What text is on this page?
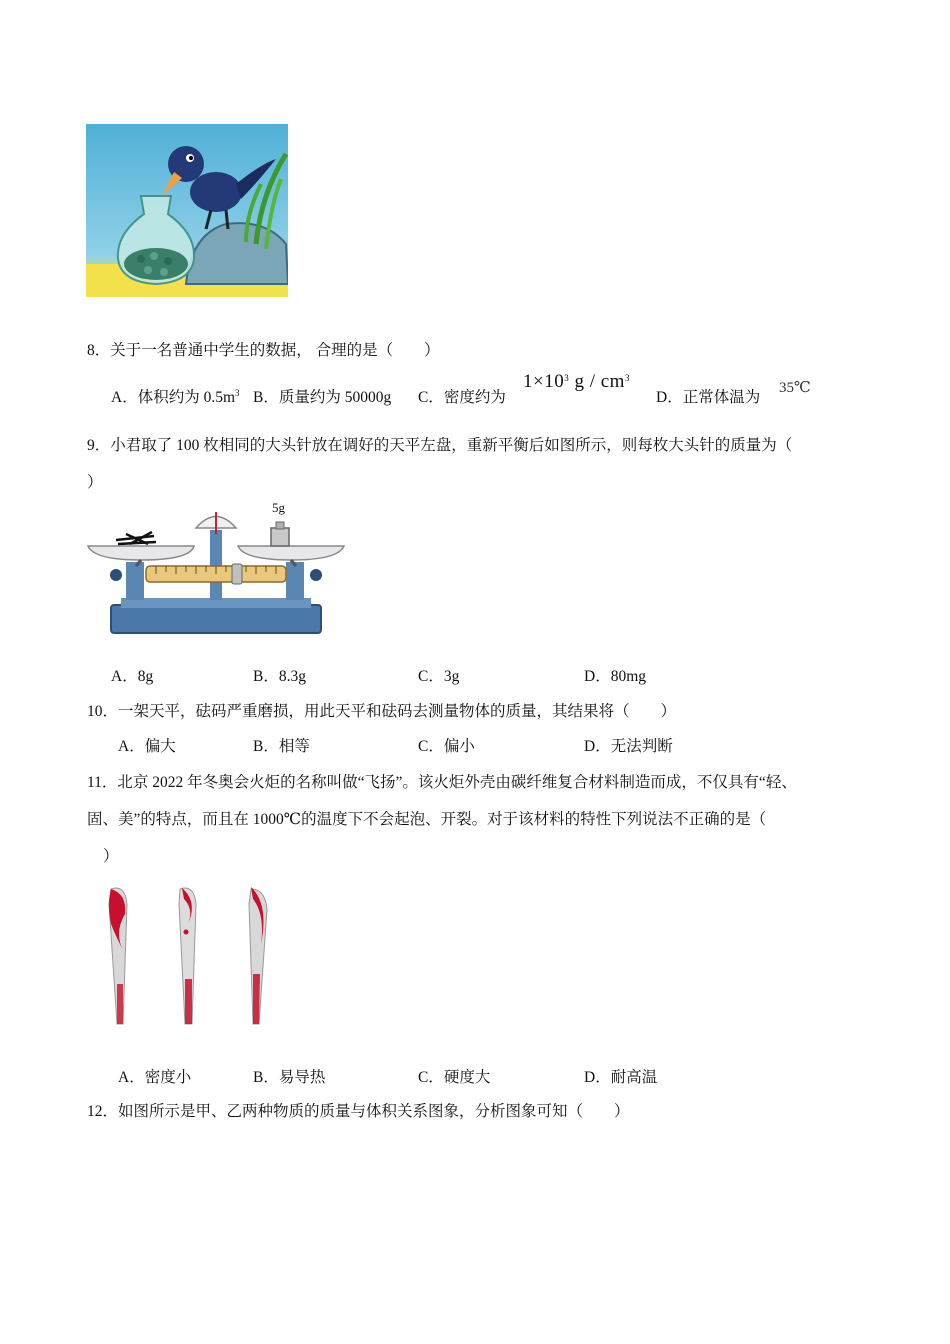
8．关于一名普通中学生的数据， 合理的是（　　）
A．体积约为 $0.5m^3$ B．质量约为 50000g C．密度约为
$1\times 10^3$ g / $cm^3$
D．正常体温为
35℃
9．小君取了 100 枚相同的大头针放在调好的天平左盘，重新平衡后如图所示，则每枚大头针的质量为（
）
5g
A．8g	B．8.3g	C．3g	D．80mg
10．一架天平，砝码严重磨损，用此天平和砝码去测量物体的质量，其结果将（　　）
A．偏大	B．相等	C．偏小	D．无法判断
11．北京 2022 年冬奥会火炬的名称叫做“飞扬”。该火炬外壳由碳纤维复合材料制造而成，不仅具有“轻、
固、美”的特点，而且在 1000℃的温度下不会起泡、开裂。对于该材料的特性下列说法不正确的是（
）
A．密度小	B．易导热	C．硬度大	D．耐高温
12．如图所示是甲、乙两种物质的质量与体积关系图象，分析图象可知（　　）
